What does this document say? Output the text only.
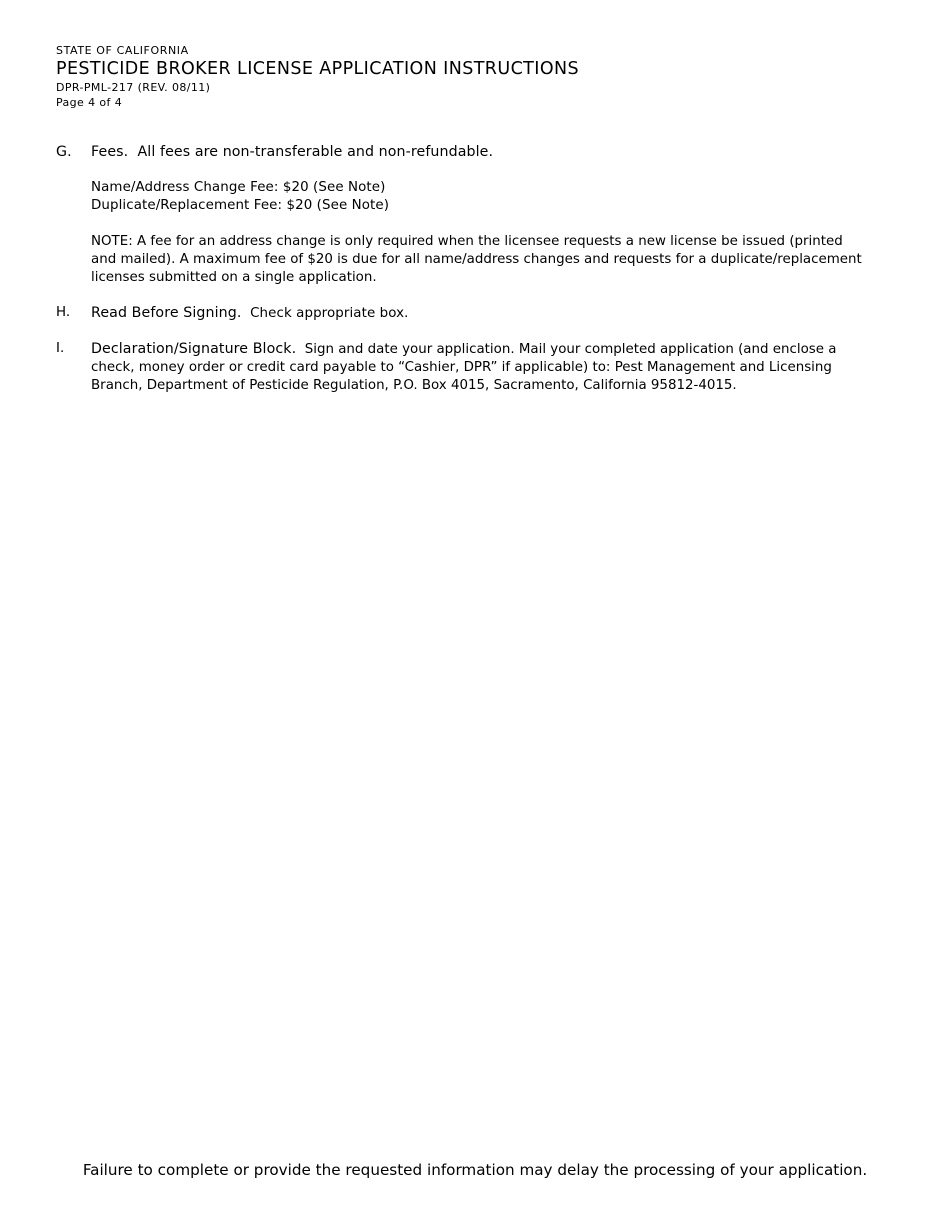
STATE OF CALIFORNIA
PESTICIDE BROKER LICENSE APPLICATION INSTRUCTIONS
DPR-PML-217 (REV. 08/11)
Page 4 of 4
G. Fees. All fees are non-transferable and non-refundable.
Name/Address Change Fee: $20 (See Note)
Duplicate/Replacement Fee: $20 (See Note)
NOTE: A fee for an address change is only required when the licensee requests a new license be issued (printed
and mailed). A maximum fee of $20 is due for all name/address changes and requests for a duplicate/replacement
licenses submitted on a single application.
H. Read Before Signing. Check appropriate box.
I. Declaration/Signature Block. Sign and date your application. Mail your completed application (and enclose a
check, money order or credit card payable to “Cashier, DPR” if applicable) to: Pest Management and Licensing
Branch, Department of Pesticide Regulation, P.O. Box 4015, Sacramento, California 95812-4015.
Failure to complete or provide the requested information may delay the processing of your application.
